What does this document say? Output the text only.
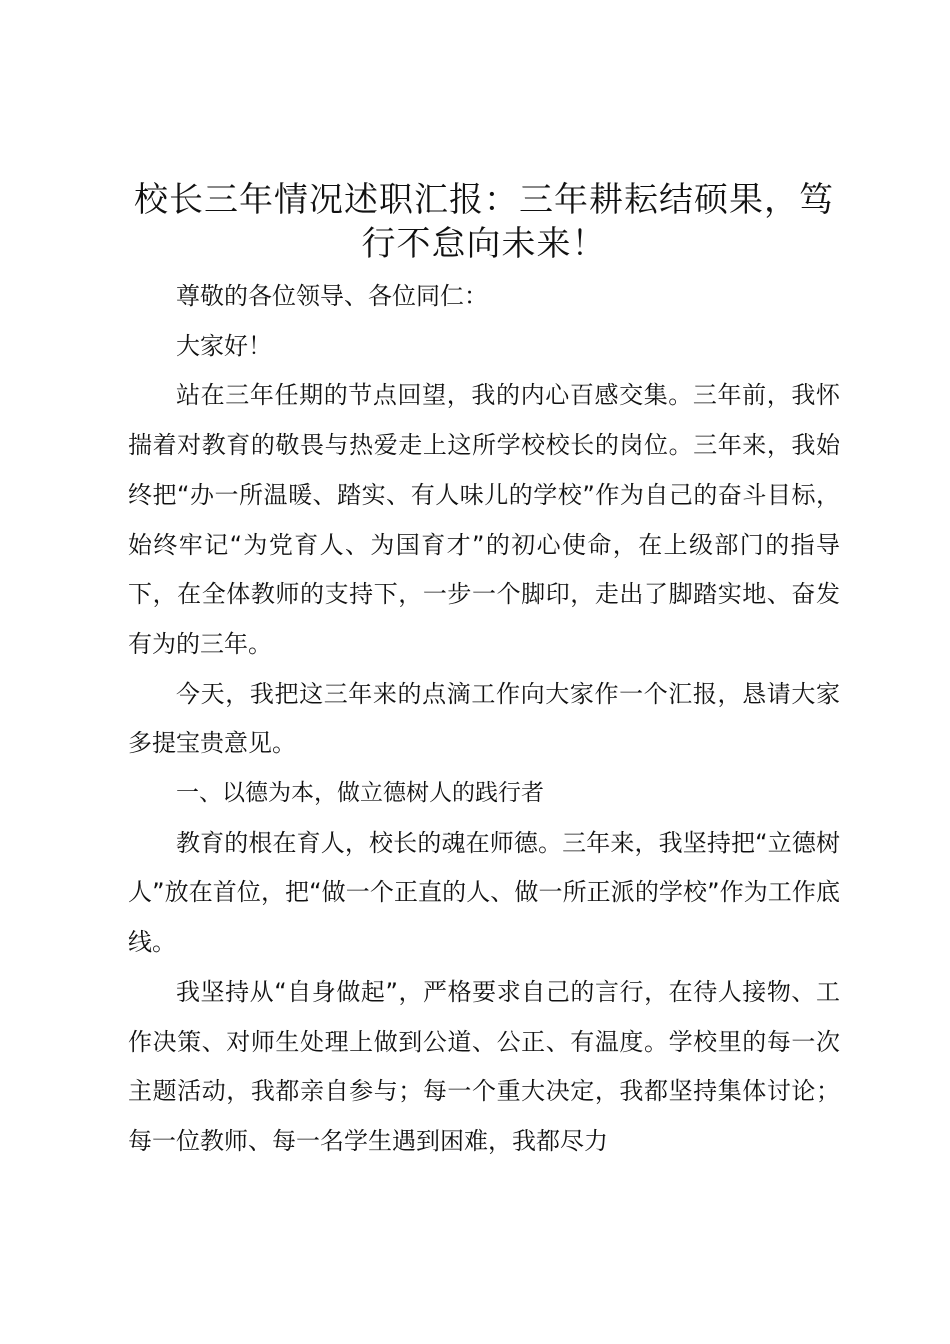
校长三年情况述职汇报：三年耕耘结硕果，笃
行不怠向未来！

尊敬的各位领导、各位同仁：

大家好！

站在三年任期的节点回望，我的内心百感交集。三年前，我怀揣着对教育的敬畏与热爱走上这所学校校长的岗位。三年来，我始终把“办一所温暖、踏实、有人味儿的学校”作为自己的奋斗目标，始终牢记“为党育人、为国育才”的初心使命，在上级部门的指导下，在全体教师的支持下，一步一个脚印，走出了脚踏实地、奋发有为的三年。

今天，我把这三年来的点滴工作向大家作一个汇报，恳请大家多提宝贵意见。

一、以德为本，做立德树人的践行者

教育的根在育人，校长的魂在师德。三年来，我坚持把“立德树人”放在首位，把“做一个正直的人、做一所正派的学校”作为工作底线。

我坚持从“自身做起”，严格要求自己的言行，在待人接物、工作决策、对师生处理上做到公道、公正、有温度。学校里的每一次主题活动，我都亲自参与；每一个重大决定，我都坚持集体讨论；每一位教师、每一名学生遇到困难，我都尽力
